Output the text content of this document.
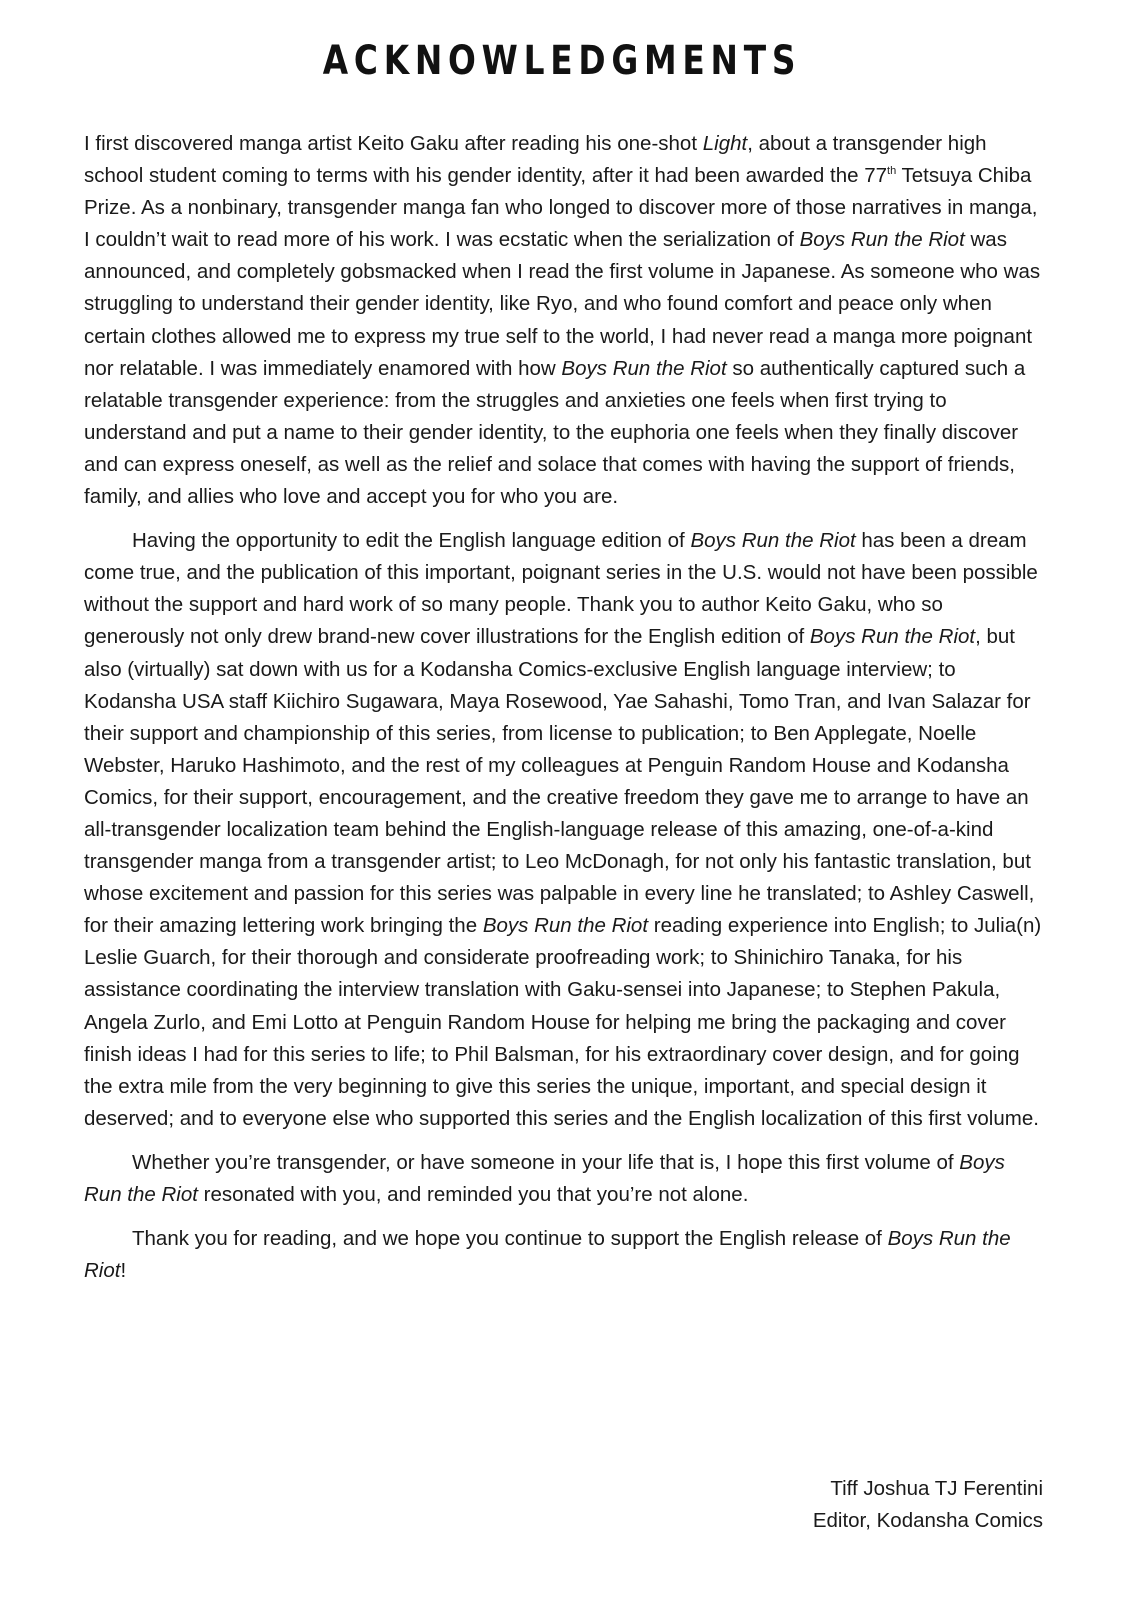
ACKNOWLEDGMENTS

I first discovered manga artist Keito Gaku after reading his one-shot Light, about a transgender high school student coming to terms with his gender identity, after it had been awarded the 77th Tetsuya Chiba Prize. As a nonbinary, transgender manga fan who longed to discover more of those narratives in manga, I couldn’t wait to read more of his work. I was ecstatic when the serialization of Boys Run the Riot was announced, and completely gobsmacked when I read the first volume in Japanese. As someone who was struggling to understand their gender identity, like Ryo, and who found comfort and peace only when certain clothes allowed me to express my true self to the world, I had never read a manga more poignant nor relatable. I was immediately enamored with how Boys Run the Riot so authentically captured such a relatable transgender experience: from the struggles and anxieties one feels when first trying to understand and put a name to their gender identity, to the euphoria one feels when they finally discover and can express oneself, as well as the relief and solace that comes with having the support of friends, family, and allies who love and accept you for who you are.

Having the opportunity to edit the English language edition of Boys Run the Riot has been a dream come true, and the publication of this important, poignant series in the U.S. would not have been possible without the support and hard work of so many people. Thank you to author Keito Gaku, who so generously not only drew brand-new cover illustrations for the English edition of Boys Run the Riot, but also (virtually) sat down with us for a Kodansha Comics-exclusive English language interview; to Kodansha USA staff Kiichiro Sugawara, Maya Rosewood, Yae Sahashi, Tomo Tran, and Ivan Salazar for their support and championship of this series, from license to publication; to Ben Applegate, Noelle Webster, Haruko Hashimoto, and the rest of my colleagues at Penguin Random House and Kodansha Comics, for their support, encouragement, and the creative freedom they gave me to arrange to have an all-transgender localization team behind the English-language release of this amazing, one-of-a-kind transgender manga from a transgender artist; to Leo McDonagh, for not only his fantastic translation, but whose excitement and passion for this series was palpable in every line he translated; to Ashley Caswell, for their amazing lettering work bringing the Boys Run the Riot reading experience into English; to Julia(n) Leslie Guarch, for their thorough and considerate proofreading work; to Shinichiro Tanaka, for his assistance coordinating the interview translation with Gaku-sensei into Japanese; to Stephen Pakula, Angela Zurlo, and Emi Lotto at Penguin Random House for helping me bring the packaging and cover finish ideas I had for this series to life; to Phil Balsman, for his extraordinary cover design, and for going the extra mile from the very beginning to give this series the unique, important, and special design it deserved; and to everyone else who supported this series and the English localization of this first volume.

Whether you’re transgender, or have someone in your life that is, I hope this first volume of Boys Run the Riot resonated with you, and reminded you that you’re not alone.

Thank you for reading, and we hope you continue to support the English release of Boys Run the Riot!

Tiff Joshua TJ Ferentini
Editor, Kodansha Comics
